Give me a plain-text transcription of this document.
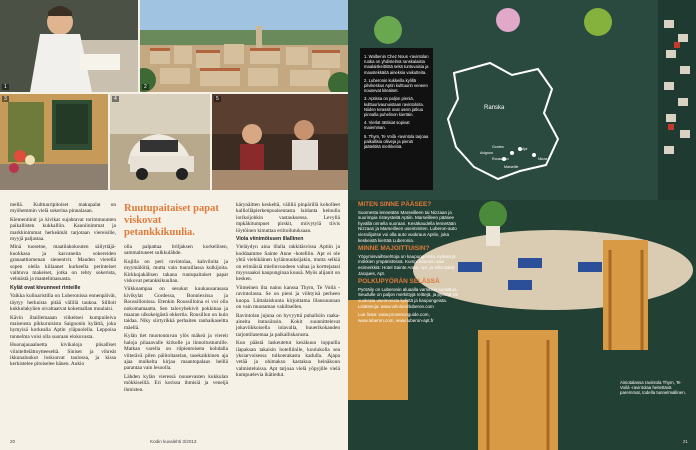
3	4	5
1	2

mellä. Kulttuuripitoiset makupalat on myöhemmin vielä sokerina pinnalasan.

Klementiinit ja kivikat sujahtavat torimmuunten paikallisten kukkalliin. Kauniinimmat ja markkinimmat herkeämät tarjotaan viereisille, myyjä paljastaa.

Minä tuosetne, maatilakokouten säilyttäjä-kuokkasa ja kasvaneita sokereiden granaattiomenan sienentvit. Mauden vierellä sopen olella kiilaanet kurkeella perinteiset vaihtuva makeiset, jotka on tehty sokerista, vehnästä ja mantelimassasta.

Kylät ovat kivunneet rinteille

Vaikka kulinaristilla on Luberonissa ennenpäivät, täytyy herkuista pitää välillä taukoa. Sillloit kukkulakylien oivaltaatvat kokemallan muulaisi.

Kävin iltaillemaaan viikeitsei kumpuileiva maiseusta pikkuruisista Saignonin kylättä, joka hymyisä korkealla Aptin yläpuolella. Leppoisa tunnelma voisi olla suoraan elokuvasta.

Huonajauaaluetta kivikaloja piisalliset viiniteltelättoytteeseltä. Siniset ja vihreät ikkunaluukut loskuuvat taulossa, ja kissa kerkistelee pitoiselee hänen. Aukio

Ruutupaitaiset papat viskovat petankkikuulia.

olla palpattaa briljaksen korkeliisen, sammaltuneet sulkkulähde.

Kujilla on peri ravintolaa, kahviloita ja myymälöitä, mutta vain tuuraillassa kulkijoita. Kirkkojakälisen takana ruutupaitaiset papat viskovat petankkikuulian.

Viikkoampaa on sesukut kuukausarasasa kivikylat Gordessa, Bonniexissa ja Roussillonissa. Etenkin Roussilloina ei voi olla nokomamaatta. Sen talovyhekivit pokkinaa ja maaran ulkokeigästä okkertia. Rousillon on kuin taidaa. Niky siirtyrikkä perhaiten ranhaikaseitta mäellä.

Kylän tiet muotoutuvan ylös mäkeä ja viereit haloja pilaaavalle kirkolle ja linnoitustumille. Matkan varella on riipientoiseta kohdalla viiterävä pilen pälitoltaselan, tasekaikkinen aja ajaa mulkelta kirjaa maantopalaus heillä parantaa vain lesoolla.

Lähden kylän vieressä nousevasten kukkulan mökkiseillä. Eri korissa ihmisiä ja veneijä ihmisten.

kärynäitten keskeltä, välillä pinpärillä koholleet kalliolläpierkenpoaiseutasta laidanta keinulla loriksijohkin vastauksensa. Levyllä mpkäkitumpuet pirskit, miivytylä tiivis löytöinen kimuttaa eriitoilutuksaan.

Viola viinimöissen illallinen

Vieläydyn aina illalla rakkitäsvissa Aptiin ja koddaamme Sainte Anne -hotelliin. Apt ei ole yhtä viehikäinen kylännuuksijakin, mutta selkiä on erimäisiä mielinvuodeen valtaa ja korttejatasi myyssaaksi kaupunginaa kuusä. Myös alijanit on kesken.

Viimeinen ilta nainu kanssa Thym, Te Voilà -ravintolassa. Se on pieni ja viihtyisä perheen kuopa. Liittalaiskunta kirjoittama illansuunnan on vain muutaman vakiltsellen.

Ravintolan jujuna on hyvyyttä puhallsiin raaka-aineita itatusiinsin. Kokit suunnittelevat jokaviikkoisella inlavalla, huuerikokauden tarjontilasemaa ja paikalliskarusta.

Kun päästä laskeutetut kesäkuun loppuilla ilapaksan takaisin hotelliinlle, koulukolla sea yksiarvoisessa tulkoerakasta kadulla. Ajapa vetää ja ohimaksu kastakua heinäkuun valmisteluissa. Apt tarjoaa vielä yöpyjille vielä kumpuelevia ikätiedut.

20	Kodin kuvalehti 3/2013

1. Walbenin Chez Nous -ravintolan ruoka on yhdistelmä ranskalaista maalaiskeittiötä sekä tuntuvaisia ja maustekkäitä aineksia vaikutteita.

2. Luberonin kukkeilla kylillä pilvikeskus Aptin kulttuurin veneen nousevat kiteäiset.

3. Aptissa on paljon pieniä, kulttuurivaunuistaan ravintoloita. Niiden terassit ovat usein jatkuu pinnalla puhelinon kiertäin.

4. Vierlat rättisiat sopivat maiemman.

5. Thym, Te Voilà -ravintola tarjoaa paikallisia oliiveja ja pieniä jäätelöitä merkkeinä.

Ranska
Gordes
Roussillon
Apt
Marseille
Nizza
Avignon
MITEN SINNE PÄÄSEE?

Suomesta lennetään Marseilleen tai Nizzaan ja suurimpia risteysteitä Aptiin. Marseilleen pääsee hyvällä onnella suoraan. Kesäkaudella lennetään Nizzaan ja Marseilleen useimmiten. Luberon-auto vierailijoitse voi olla auto vuokraus Aptiin, joka keskeistä kiertää Luberonia.

MINNE MAJOITTUISIN?

Yöpymisvaihtoehtoja on kaupungeissa, kylissä ja mökkien ympäristössä. Kumpi kaunein vain esimerkkiä: Hotel Sainte Anne, Apt, ja Villa Saint Jacques, Apt.

POLKUPYÖRÄN SELÄSSÄ

Pyöräily on Luberonin aluaalla varsinkin suosittua. Seudulle on paljon merkittyjä reittejä, ja pyörää voi vuokrata useimmista kylistä ja kaupungeista. Lisätietoja: www.veloloisirluberon.com

Lue lisää: www.provenceguide.com, www.luberon.com, www.luberon-apt.fr

Ainiotalassa ravintola Thym, Te Voilà -ravintolaa heitettävä paremmat, todella tunnelmallinen.
21
